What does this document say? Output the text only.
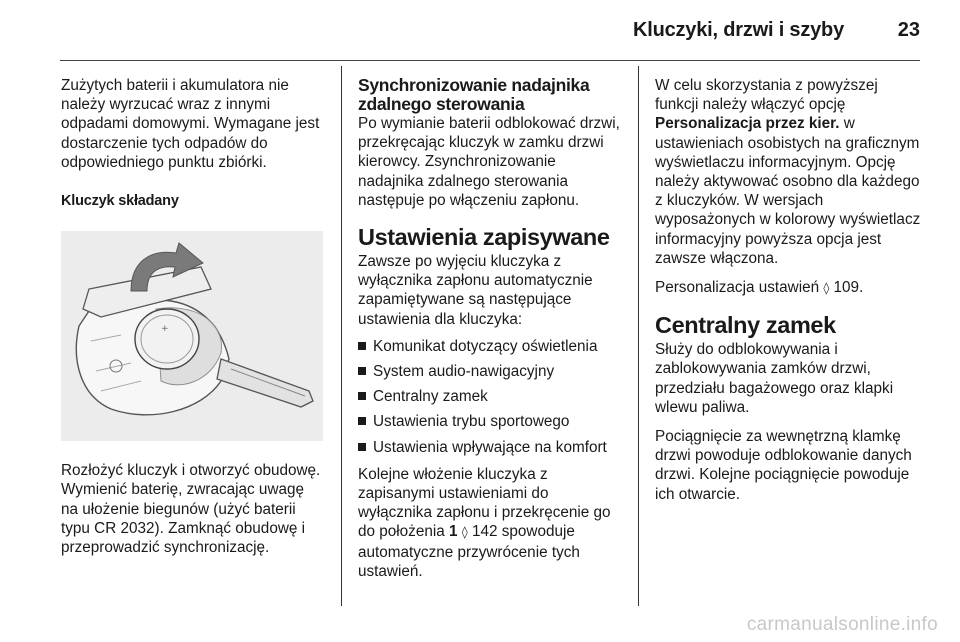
Kluczyki, drzwi i szyby	23

Zużytych baterii i akumulatora nie należy wyrzucać wraz z innymi odpadami domowymi. Wymagane jest dostarczenie tych odpadów do odpowiedniego punktu zbiórki.

Kluczyk składany
+

Rozłożyć kluczyk i otworzyć obudowę. Wymienić baterię, zwracając uwagę na ułożenie biegunów (użyć baterii typu CR 2032). Zamknąć obudowę i przeprowadzić synchronizację.

Synchronizowanie nadajnika zdalnego sterowania

Po wymianie baterii odblokować drzwi, przekręcając kluczyk w zamku drzwi kierowcy. Zsynchronizowanie nadajnika zdalnego sterowania następuje po włączeniu zapłonu.

Ustawienia zapisywane

Zawsze po wyjęciu kluczyka z wyłącznika zapłonu automatycznie zapamiętywane są następujące ustawienia dla kluczyka:

Komunikat dotyczący oświetlenia
System audio-nawigacyjny
Centralny zamek
Ustawienia trybu sportowego
Ustawienia wpływające na komfort

Kolejne włożenie kluczyka z zapisanymi ustawieniami do wyłącznika zapłonu i przekręcenie go do położenia 1 ◊ 142 spowoduje automatyczne przywrócenie tych ustawień.

W celu skorzystania z powyższej funkcji należy włączyć opcję Personalizacja przez kier. w ustawieniach osobistych na graficznym wyświetlaczu informacyjnym. Opcję należy aktywować osobno dla każdego z kluczyków. W wersjach wyposażonych w kolorowy wyświetlacz informacyjny powyższa opcja jest zawsze włączona.

Personalizacja ustawień ◊ 109.

Centralny zamek

Służy do odblokowywania i zablokowywania zamków drzwi, przedziału bagażowego oraz klapki wlewu paliwa.

Pociągnięcie za wewnętrzną klamkę drzwi powoduje odblokowanie danych drzwi. Kolejne pociągnięcie powoduje ich otwarcie.

carmanualsonline.info
